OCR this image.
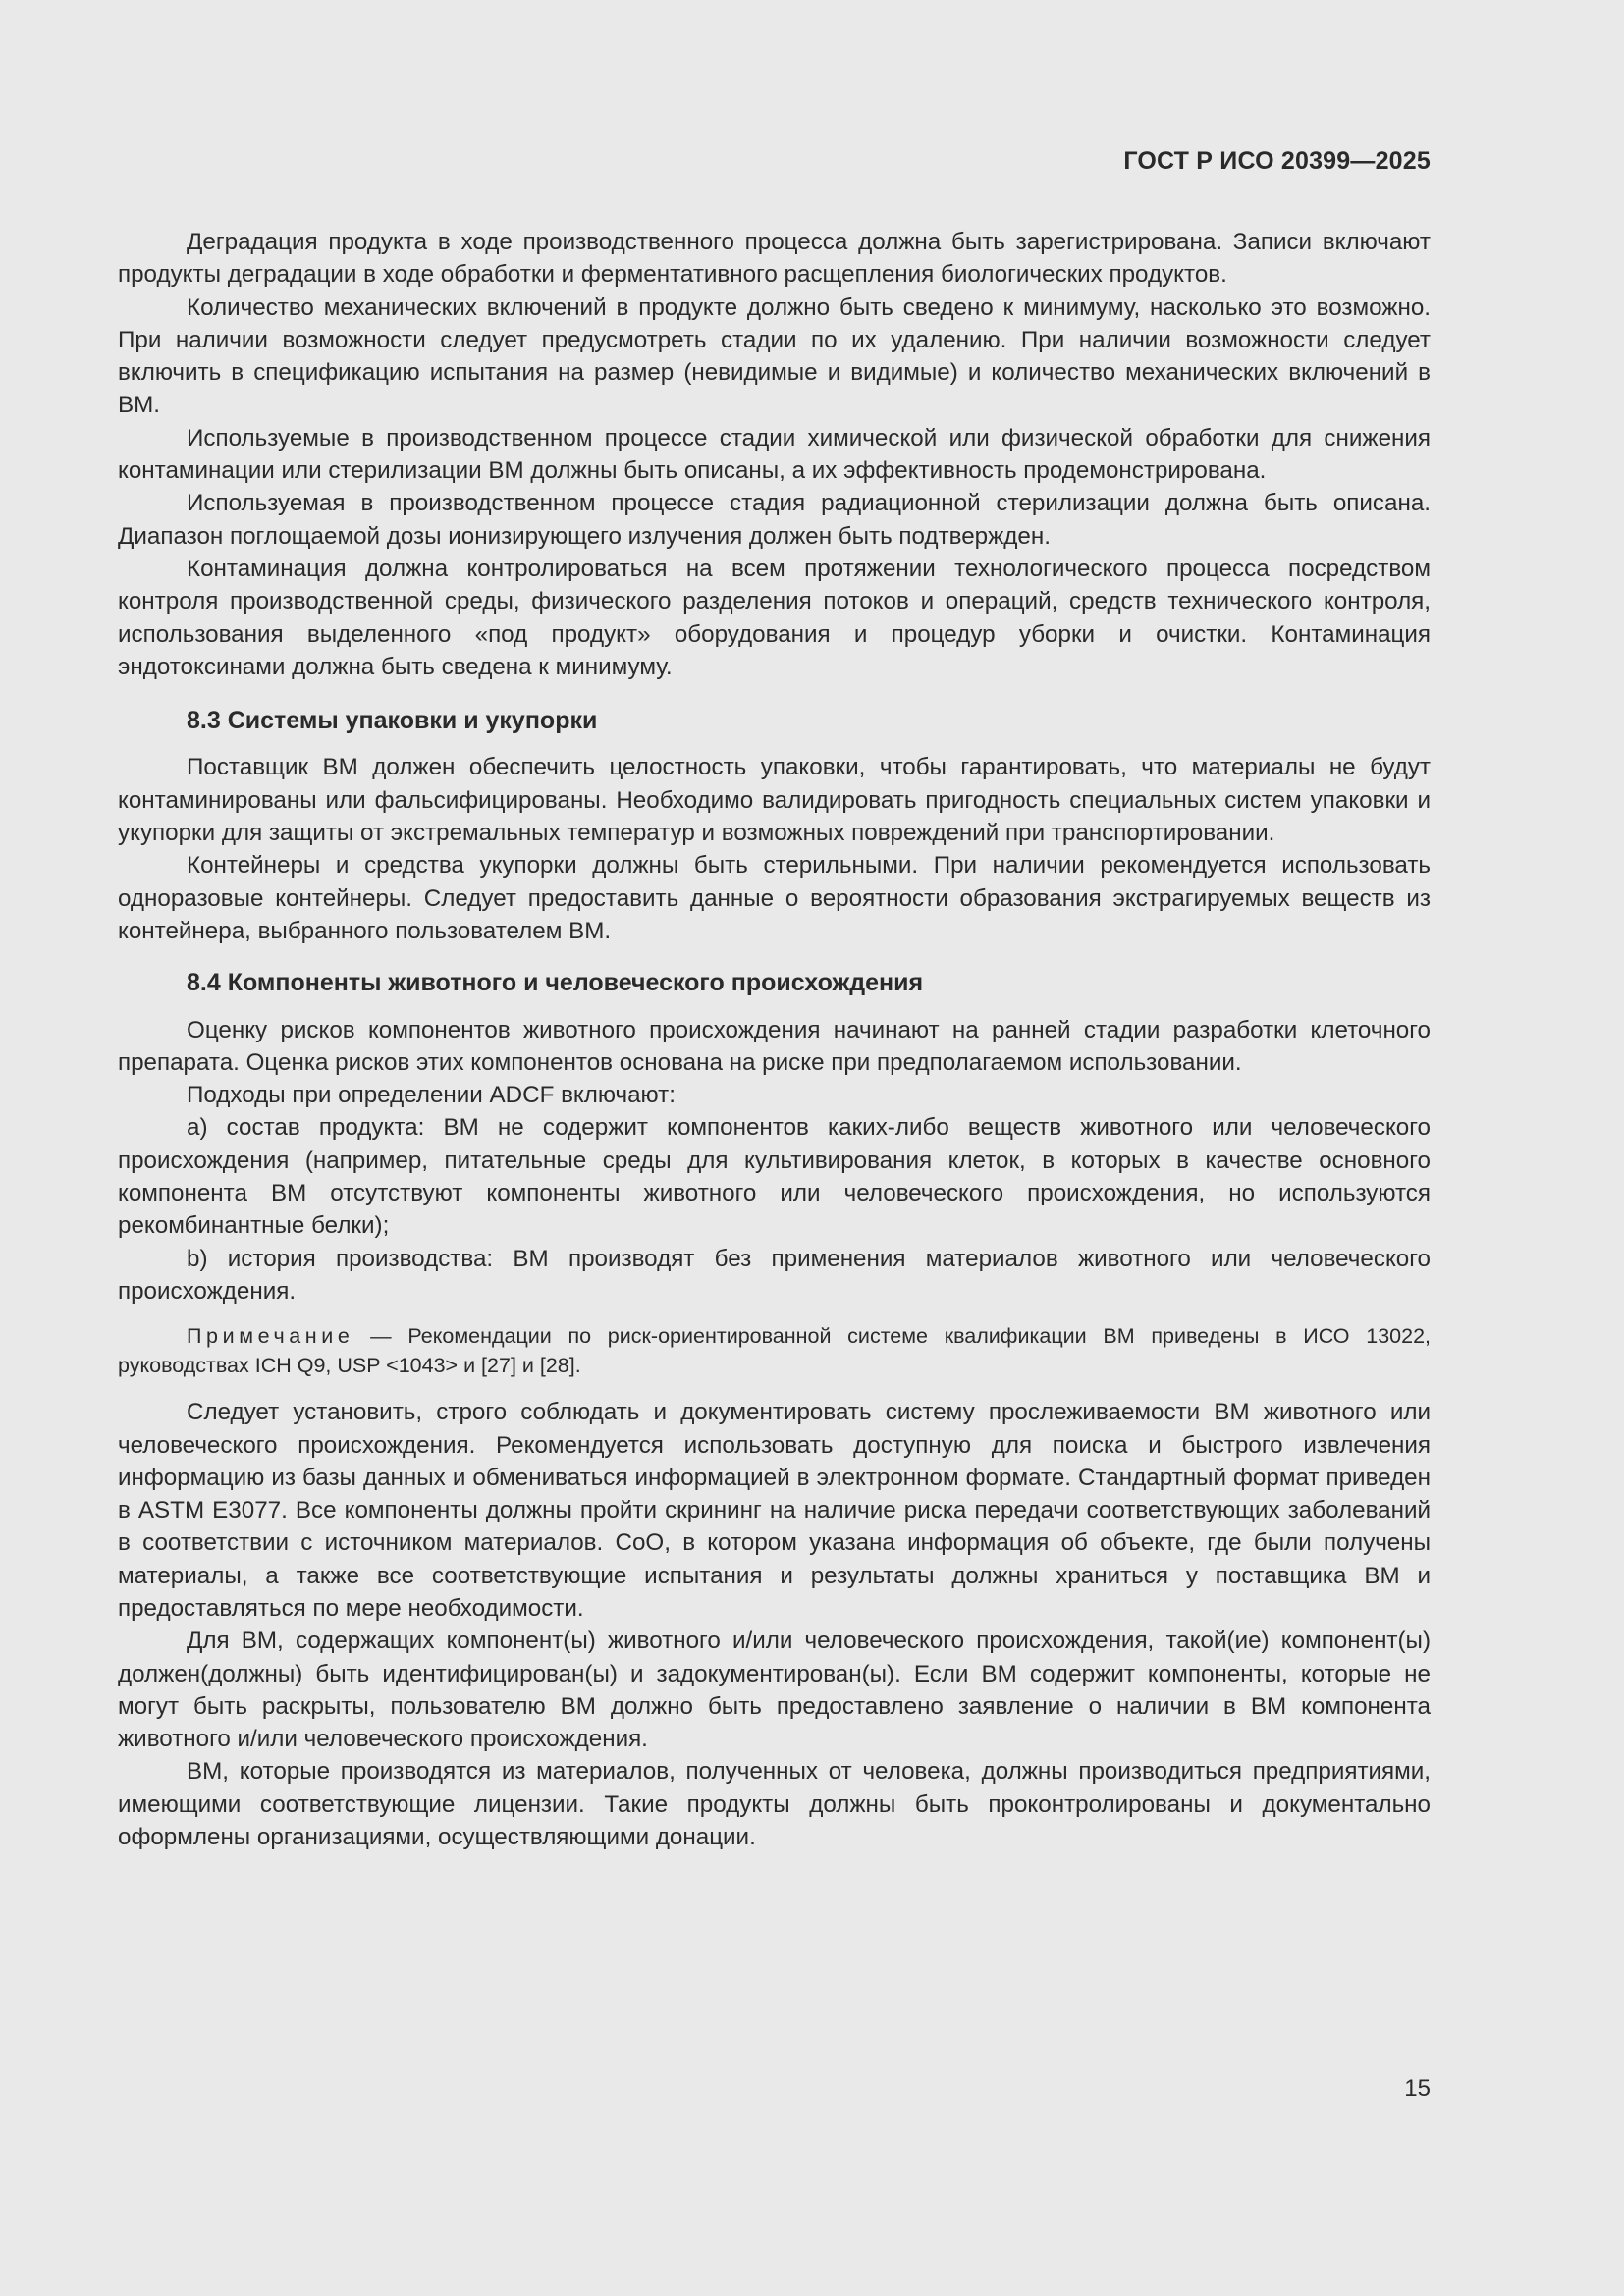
ГОСТ Р ИСО 20399—2025

Деградация продукта в ходе производственного процесса должна быть зарегистрирована. Записи включают продукты деградации в ходе обработки и ферментативного расщепления биологических продуктов.

Количество механических включений в продукте должно быть сведено к минимуму, насколько это возможно. При наличии возможности следует предусмотреть стадии по их удалению. При наличии возможности следует включить в спецификацию испытания на размер (невидимые и видимые) и количество механических включений в ВМ.

Используемые в производственном процессе стадии химической или физической обработки для снижения контаминации или стерилизации ВМ должны быть описаны, а их эффективность продемонстрирована.

Используемая в производственном процессе стадия радиационной стерилизации должна быть описана. Диапазон поглощаемой дозы ионизирующего излучения должен быть подтвержден.

Контаминация должна контролироваться на всем протяжении технологического процесса посредством контроля производственной среды, физического разделения потоков и операций, средств технического контроля, использования выделенного «под продукт» оборудования и процедур уборки и очистки. Контаминация эндотоксинами должна быть сведена к минимуму.

8.3 Системы упаковки и укупорки

Поставщик ВМ должен обеспечить целостность упаковки, чтобы гарантировать, что материалы не будут контаминированы или фальсифицированы. Необходимо валидировать пригодность специальных систем упаковки и укупорки для защиты от экстремальных температур и возможных повреждений при транспортировании.

Контейнеры и средства укупорки должны быть стерильными. При наличии рекомендуется использовать одноразовые контейнеры. Следует предоставить данные о вероятности образования экстрагируемых веществ из контейнера, выбранного пользователем ВМ.

8.4 Компоненты животного и человеческого происхождения

Оценку рисков компонентов животного происхождения начинают на ранней стадии разработки клеточного препарата. Оценка рисков этих компонентов основана на риске при предполагаемом использовании.

Подходы при определении ADCF включают:

a) состав продукта: ВМ не содержит компонентов каких-либо веществ животного или человеческого происхождения (например, питательные среды для культивирования клеток, в которых в качестве основного компонента ВМ отсутствуют компоненты животного или человеческого происхождения, но используются рекомбинантные белки);

b) история производства: ВМ производят без применения материалов животного или человеческого происхождения.

Примечание — Рекомендации по риск-ориентированной системе квалификации ВМ приведены в ИСО 13022, руководствах ICH Q9, USP <1043> и [27] и [28].

Следует установить, строго соблюдать и документировать систему прослеживаемости ВМ животного или человеческого происхождения. Рекомендуется использовать доступную для поиска и быстрого извлечения информацию из базы данных и обмениваться информацией в электронном формате. Стандартный формат приведен в ASTM E3077. Все компоненты должны пройти скрининг на наличие риска передачи соответствующих заболеваний в соответствии с источником материалов. CoO, в котором указана информация об объекте, где были получены материалы, а также все соответствующие испытания и результаты должны храниться у поставщика ВМ и предоставляться по мере необходимости.

Для ВМ, содержащих компонент(ы) животного и/или человеческого происхождения, такой(ие) компонент(ы) должен(должны) быть идентифицирован(ы) и задокументирован(ы). Если ВМ содержит компоненты, которые не могут быть раскрыты, пользователю ВМ должно быть предоставлено заявление о наличии в ВМ компонента животного и/или человеческого происхождения.

ВМ, которые производятся из материалов, полученных от человека, должны производиться предприятиями, имеющими соответствующие лицензии. Такие продукты должны быть проконтролированы и документально оформлены организациями, осуществляющими донации.

15
